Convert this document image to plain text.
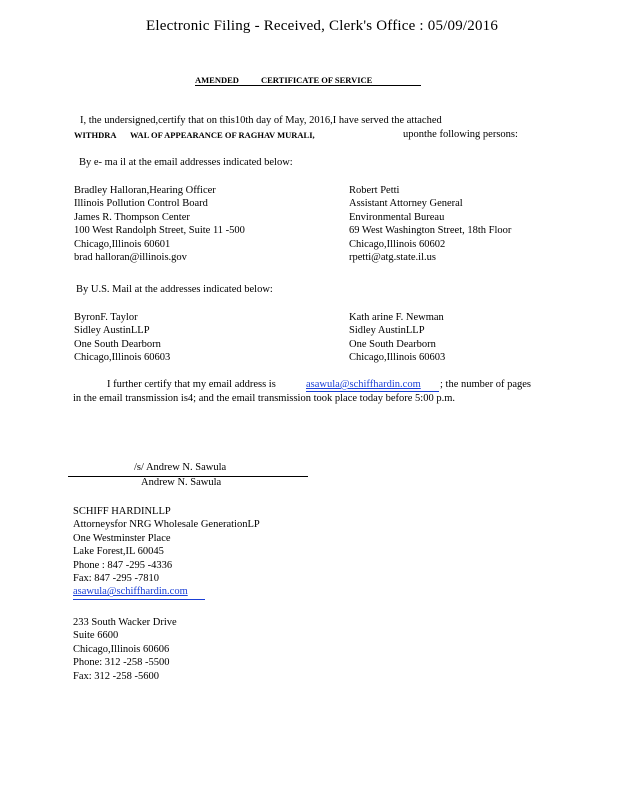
Electronic Filing - Received, Clerk's Office : 05/09/2016
AMENDED	CERTIFICATE OF SERVICE
I, the undersigned,certify that on this10th day of May, 2016,I have served the attached
WITHDRA WAL OF APPEARANCE OF RAGHAV MURALI,	uponthe following persons:
By e- ma il at the email addresses indicated below:
Bradley Halloran,Hearing Officer
Illinois Pollution Control Board
James R. Thompson Center
100 West Randolph Street, Suite 11 -500
Chicago,Illinois 60601
brad halloran@illinois.gov
Robert Petti
Assistant Attorney General
Environmental Bureau
69 West Washington Street, 18th Floor
Chicago,Illinois 60602
rpetti@atg.state.il.us
By U.S. Mail at the addresses indicated below:
ByronF. Taylor
Sidley AustinLLP
One South Dearborn
Chicago,Illinois 60603
Kath arine F. Newman
Sidley AustinLLP
One South Dearborn
Chicago,Illinois 60603
I further certify that my email address is	asawula@schiffhardin.com ; the number of pages
in the email transmission is4; and the email transmission took place today before 5:00 p.m.
/s/ Andrew N. Sawula
Andrew N. Sawula
SCHIFF HARDINLLP
Attorneysfor NRG Wholesale GenerationLP
One Westminster Place
Lake Forest,IL 60045
Phone : 847 -295 -4336
Fax: 847 -295 -7810
asawula@schiffhardin.com
233 South Wacker Drive
Suite 6600
Chicago,Illinois 60606
Phone: 312 -258 -5500
Fax: 312 -258 -5600
